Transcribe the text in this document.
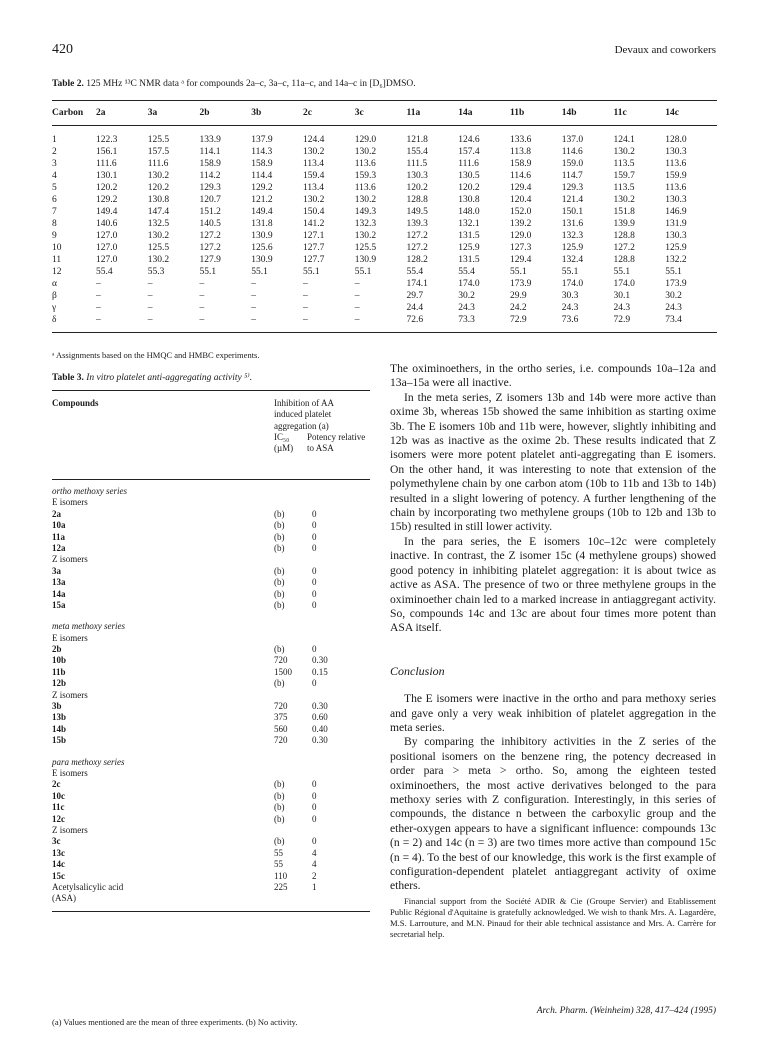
420	Devaux and coworkers
Table 2. 125 MHz ¹³C NMR data ᵃ for compounds 2a–c, 3a–c, 11a–c, and 14a–c in [D₆]DMSO.
Carbon	2a	3a	2b	3b	2c	3c	11a	14a	11b	14b	11c	14c
1	122.3	125.5	133.9	137.9	124.4	129.0	121.8	124.6	133.6	137.0	124.1	128.0
2	156.1	157.5	114.1	114.3	130.2	130.2	155.4	157.4	113.8	114.6	130.2	130.3
3	111.6	111.6	158.9	158.9	113.4	113.6	111.5	111.6	158.9	159.0	113.5	113.6
4	130.1	130.2	114.2	114.4	159.4	159.3	130.3	130.5	114.6	114.7	159.7	159.9
5	120.2	120.2	129.3	129.2	113.4	113.6	120.2	120.2	129.4	129.3	113.5	113.6
6	129.2	130.8	120.7	121.2	130.2	130.2	128.8	130.8	120.4	121.4	130.2	130.3
7	149.4	147.4	151.2	149.4	150.4	149.3	149.5	148.0	152.0	150.1	151.8	146.9
8	140.6	132.5	140.5	131.8	141.2	132.3	139.3	132.1	139.2	131.6	139.9	131.9
9	127.0	130.2	127.2	130.9	127.1	130.2	127.2	131.5	129.0	132.3	128.8	130.3
10	127.0	125.5	127.2	125.6	127.7	125.5	127.2	125.9	127.3	125.9	127.2	125.9
11	127.0	130.2	127.9	130.9	127.7	130.9	128.2	131.5	129.4	132.4	128.8	132.2
12	55.4	55.3	55.1	55.1	55.1	55.1	55.4	55.4	55.1	55.1	55.1	55.1
α	–	–	–	–	–	–	174.1	174.0	173.9	174.0	174.0	173.9
β	–	–	–	–	–	–	29.7	30.2	29.9	30.3	30.1	30.2
γ	–	–	–	–	–	–	24.4	24.3	24.2	24.3	24.3	24.3
δ	–	–	–	–	–	–	72.6	73.3	72.9	73.6	72.9	73.4
ᵃ Assignments based on the HMQC and HMBC experiments.
Table 3. In vitro platelet anti-aggregating activity ⁵⁾.
Compounds	Inhibition of AA induced platelet aggregation (a)
IC₅₀ (µM)
Potency relative to ASA
ortho methoxy series
E isomers
2a	(b)	0
10a	(b)	0
11a	(b)	0
12a	(b)	0
Z isomers
3a	(b)	0
13a	(b)	0
14a	(b)	0
15a	(b)	0
meta methoxy series
E isomers
2b	(b)	0
10b	720	0.30
11b	1500 0.15
12b	(b)	0
Z isomers
3b	720	0.30
13b	375	0.60
14b	560	0.40
15b	720	0.30
para methoxy series
E isomers
2c	(b)	0
10c	(b)	0
11c	(b)	0
12c	(b)	0
Z isomers
3c	(b)	0
13c	55	4
14c	55	4
15c	110	2
Acetylsalicylic acid	225	1
(ASA)
(a) Values mentioned are the mean of three experiments. (b) No activity.

The oximinoethers, in the ortho series, i.e. compounds 10a–12a and 13a–15a were all inactive.

In the meta series, Z isomers 13b and 14b were more active than oxime 3b, whereas 15b showed the same inhibition as starting oxime 3b. The E isomers 10b and 11b were, however, slightly inhibiting and 12b was as inactive as the oxime 2b. These results indicated that Z isomers were more potent platelet anti-aggregating than E isomers. On the other hand, it was interesting to note that extension of the polymethylene chain by one carbon atom (10b to 11b and 13b to 14b) resulted in a slight lowering of potency. A further lengthening of the chain by incorporating two methylene groups (10b to 12b and 13b to 15b) resulted in still lower activity.

In the para series, the E isomers 10c–12c were completely inactive. In contrast, the Z isomer 15c (4 methylene groups) showed good potency in inhibiting platelet aggregation: it is about twice as active as ASA. The presence of two or three methylene groups in the oximinoether chain led to a marked increase in antiaggregant activity. So, compounds 14c and 13c are about four times more potent than ASA itself.

Conclusion

The E isomers were inactive in the ortho and para methoxy series and gave only a very weak inhibition of platelet aggregation in the meta series.

By comparing the inhibitory activities in the Z series of the positional isomers on the benzene ring, the potency decreased in order para > meta > ortho. So, among the eighteen tested oximinoethers, the most active derivatives belonged to the para methoxy series with Z configuration. Interestingly, in this series of compounds, the distance n between the carboxylic group and the ether-oxygen appears to have a significant influence: compounds 13c (n = 2) and 14c (n = 3) are two times more active than compound 15c (n = 4). To the best of our knowledge, this work is the first example of configuration-dependent platelet antiaggregant activity of oxime ethers.

Financial support from the Société ADIR & Cie (Groupe Servier) and Etablissement Public Régional d'Aquitaine is gratefully acknowledged. We wish to thank Mrs. A. Lagardère, M.S. Larrouture, and M.N. Pinaud for their able technical assistance and Mrs. A. Carrère for secretarial help.

Arch. Pharm. (Weinheim) 328, 417–424 (1995)
